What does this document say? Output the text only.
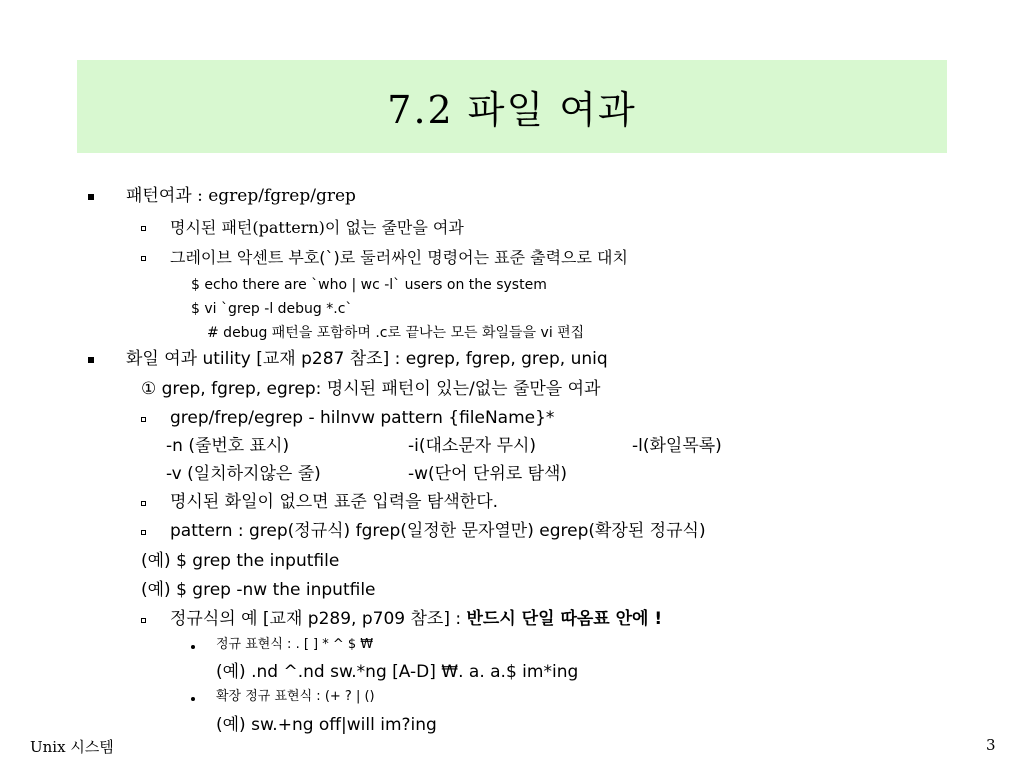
7.2 파일 여과
패턴여과 : egrep/fgrep/grep
명시된 패턴(pattern)이 없는 줄만을 여과
그레이브 악센트 부호(`)로 둘러싸인 명령어는 표준 출력으로 대치
$ echo there are `who | wc -l` users on the system
$ vi `grep -l debug *.c`
# debug 패턴을 포함하며 .c로 끝나는 모든 화일들을 vi 편집
화일 여과 utility [교재 p287 참조] : egrep, fgrep, grep, uniq
① grep, fgrep, egrep: 명시된 패턴이 있는/없는 줄만을 여과
grep/frep/egrep - hilnvw pattern {fileName}*
-n (줄번호 표시)	-i(대소문자 무시)	-l(화일목록)
-v (일치하지않은 줄)	-w(단어 단위로 탐색)
명시된 화일이 없으면 표준 입력을 탐색한다.
pattern : grep(정규식) fgrep(일정한 문자열만) egrep(확장된 정규식)
(예) $ grep the inputfile
(예) $ grep -nw the inputfile
정규식의 예 [교재 p289, p709 참조] : 반드시 단일 따옴표 안에 !
정규 표현식 : . [ ] * ^ $ ₩
(예) .nd ^.nd sw.*ng [A-D] ₩. a. a.$ im*ing
확장 정규 표현식 : (+ ? | ()
(예) sw.+ng off|will im?ing
Unix 시스템	3
